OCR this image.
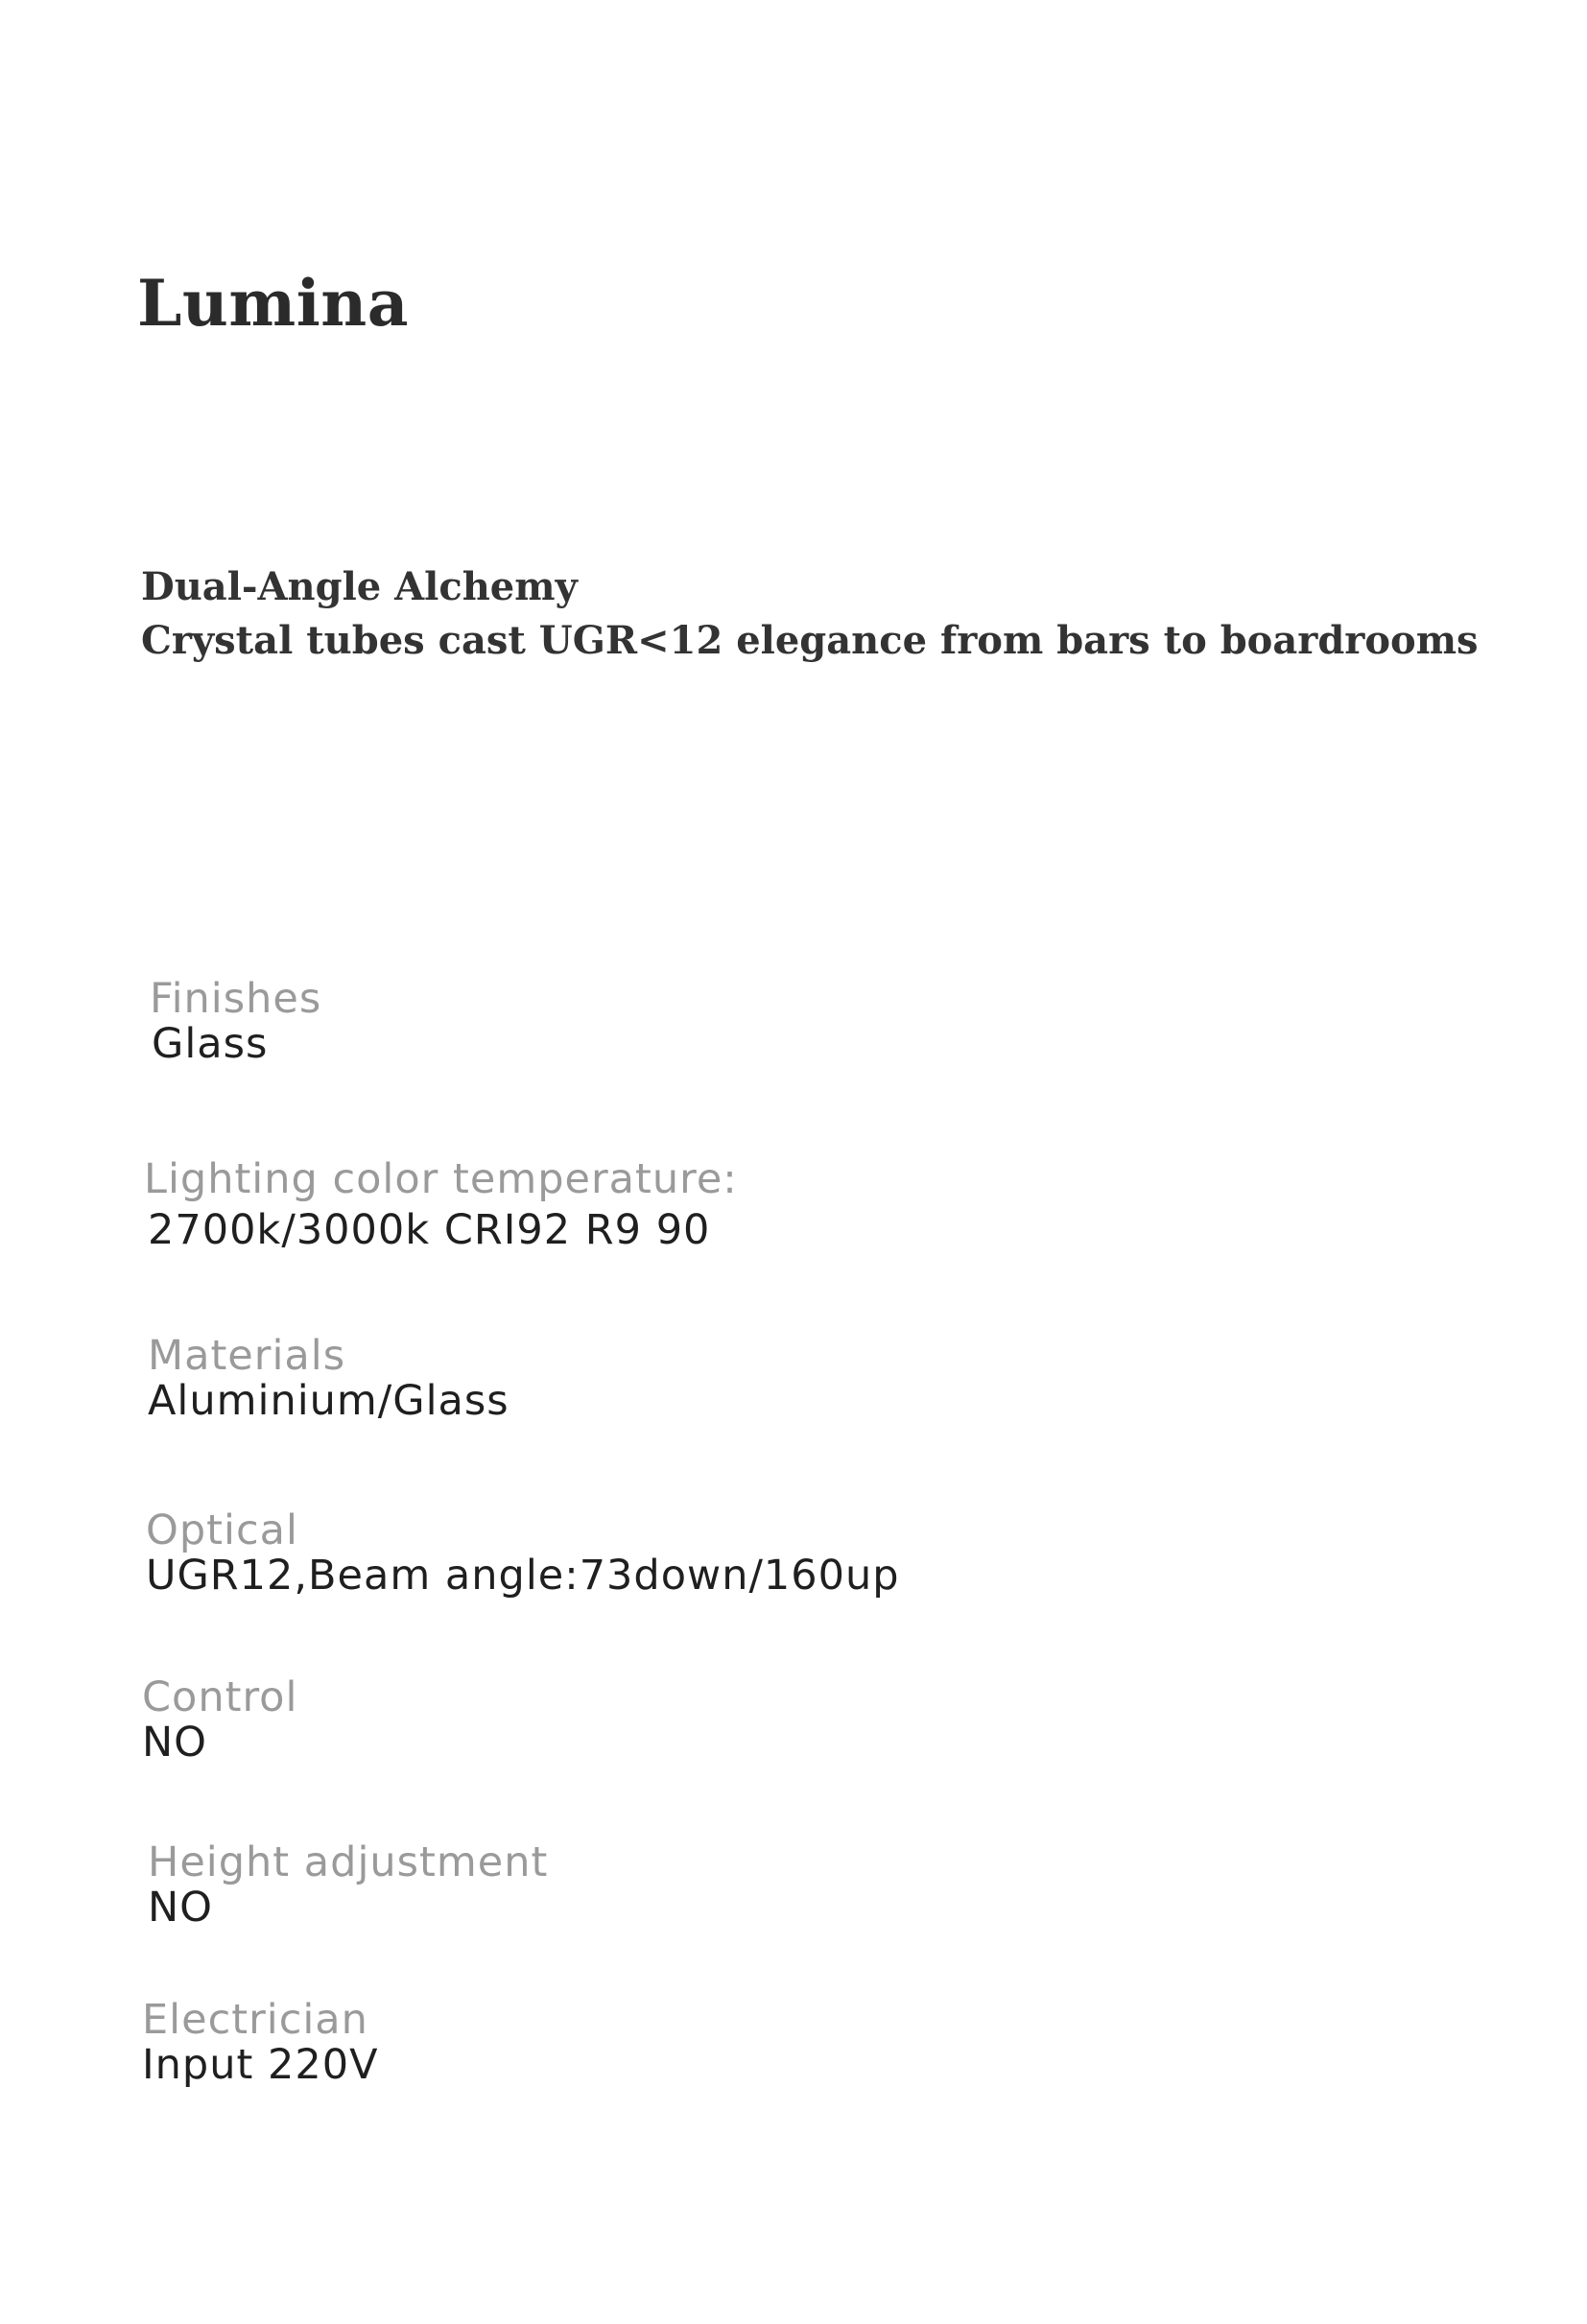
Lumina
Dual-Angle Alchemy
Crystal tubes cast UGR<12 elegance from bars to boardrooms
Finishes
Glass
Lighting color temperature:
2700k/3000k CRI92 R9 90
Materials
Aluminium/Glass
Optical
UGR12,Beam angle:73down/160up
Control
NO
Height adjustment
NO
Electrician
Input 220V
